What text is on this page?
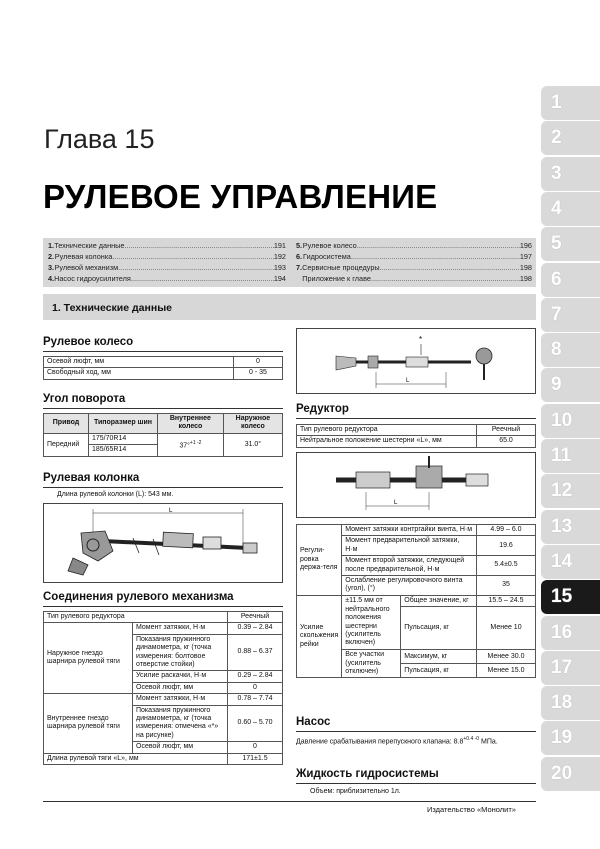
Глава 15
РУЛЕВОЕ УПРАВЛЕНИЕ
1. Технические данные .....	191
2. Рулевая колонка .....	192
3. Рулевой механизм .....	193
4. Насос гидроусилителя .....	194
5. Рулевое колесо .....	196
6. Гидросистема .....	197
7. Сервисные процедуры .....	198
Приложение к главе .....	198
1. Технические данные
Рулевое колесо
Осевой люфт, мм	0
Свободный ход, мм	0 - 35
Угол поворота
Привод	Типоразмер шин	Внутреннее колесо	Наружное колесо
Передний	175/70R14	37°$^{+1 -2}$	31.0°
	185/65R14		
Рулевая колонка
Длина рулевой колонки (L): 543 мм.
L
Соединения рулевого механизма
Тип рулевого редуктора		Реечный
Наружное гнездо шарнира рулевой тяги	Момент затяжки, Н·м	0.39 – 2.84
	Показания пружинного динамометра, кг (точка измерения: болтовое отверстие стойки)	0.88 – 6.37
	Усилие раскачки, Н·м	0.29 – 2.84
	Осевой люфт, мм	0
Внутреннее гнездо шарнира рулевой тяги	Момент затяжки, Н·м	0.78 – 7.74
	Показания пружинного динамометра, кг (точка измерения: отмечена «*» на рисунке)	0.60 – 5.70
	Осевой люфт, мм	0
Длина рулевой тяги «L», мм		171±1.5
*
L
Редуктор
Тип рулевого редуктора	Реечный
Нейтральное положение шестерни «L», мм	65.0
L
Регули-ровка держа-теля	Момент затяжки контргайки винта, Н·м		4.99 – 6.0
	Момент предварительной затяжки, Н·м		19.6
	Момент второй затяжки, следующей после предварительной, Н·м		5.4±0.5
	Ослабление регулировочного винта (угол), (°)		35
Усилие скольжения рейки	±11.5 мм от нейтрального положения шестерни (усилитель включен)	Общее значение, кг	15.5 – 24.5
		Пульсация, кг	Менее 10
	Все участки (усилитель отключен)	Максимум, кг	Менее 30.0
		Пульсация, кг	Менее 15.0
Насос
Давление срабатывания перепускного клапана: $8.8^{+0.4 -0}$ МПа.
Жидкость гидросистемы
Объем: приблизительно 1л.
Издательство «Монолит»
1
2
3
4
5
6
7
8
9
10
11
12
13
14
15
16
17
18
19
20
